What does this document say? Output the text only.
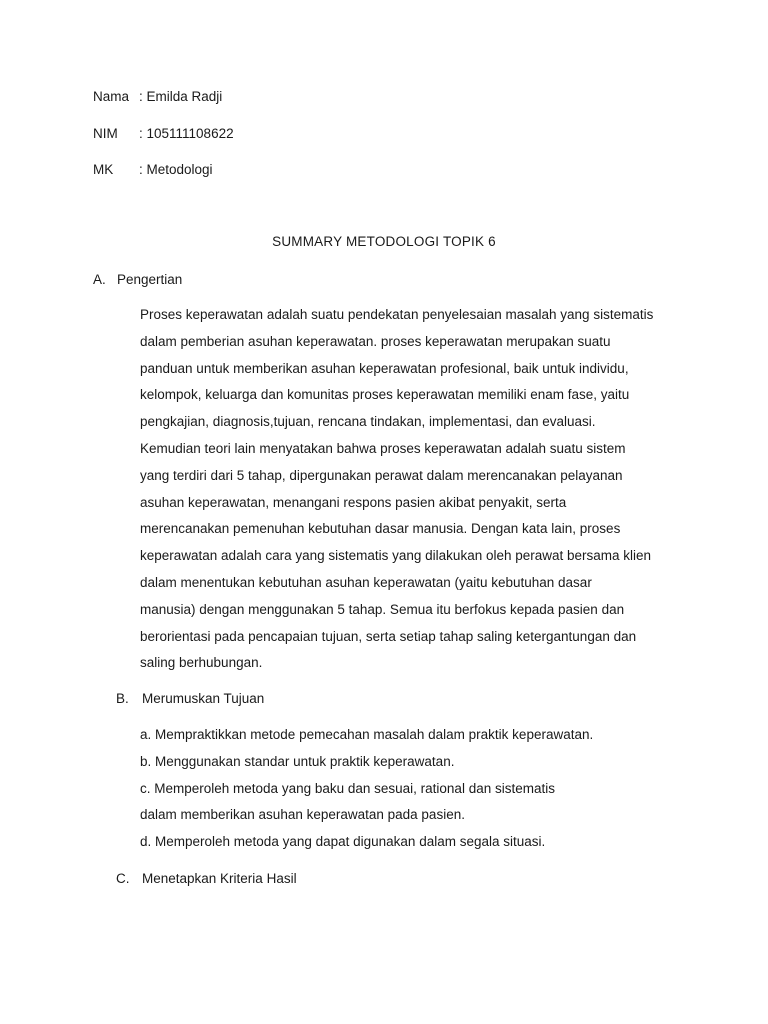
Nama : Emilda Radji
NIM : 105111108622
MK : Metodologi
SUMMARY METODOLOGI TOPIK 6
A. Pengertian
Proses keperawatan adalah suatu pendekatan penyelesaian masalah yang sistematis
dalam pemberian asuhan keperawatan. proses keperawatan merupakan suatu
panduan untuk memberikan asuhan keperawatan profesional, baik untuk individu,
kelompok, keluarga dan komunitas proses keperawatan memiliki enam fase, yaitu
pengkajian, diagnosis,tujuan, rencana tindakan, implementasi, dan evaluasi.
Kemudian teori lain menyatakan bahwa proses keperawatan adalah suatu sistem
yang terdiri dari 5 tahap, dipergunakan perawat dalam merencanakan pelayanan
asuhan keperawatan, menangani respons pasien akibat penyakit, serta
merencanakan pemenuhan kebutuhan dasar manusia. Dengan kata lain, proses
keperawatan adalah cara yang sistematis yang dilakukan oleh perawat bersama klien
dalam menentukan kebutuhan asuhan keperawatan (yaitu kebutuhan dasar
manusia) dengan menggunakan 5 tahap. Semua itu berfokus kepada pasien dan
berorientasi pada pencapaian tujuan, serta setiap tahap saling ketergantungan dan
saling berhubungan.
B. Merumuskan Tujuan
a. Mempraktikkan metode pemecahan masalah dalam praktik keperawatan.
b. Menggunakan standar untuk praktik keperawatan.
c. Memperoleh metoda yang baku dan sesuai, rational dan sistematis
dalam memberikan asuhan keperawatan pada pasien.
d. Memperoleh metoda yang dapat digunakan dalam segala situasi.
C. Menetapkan Kriteria Hasil
